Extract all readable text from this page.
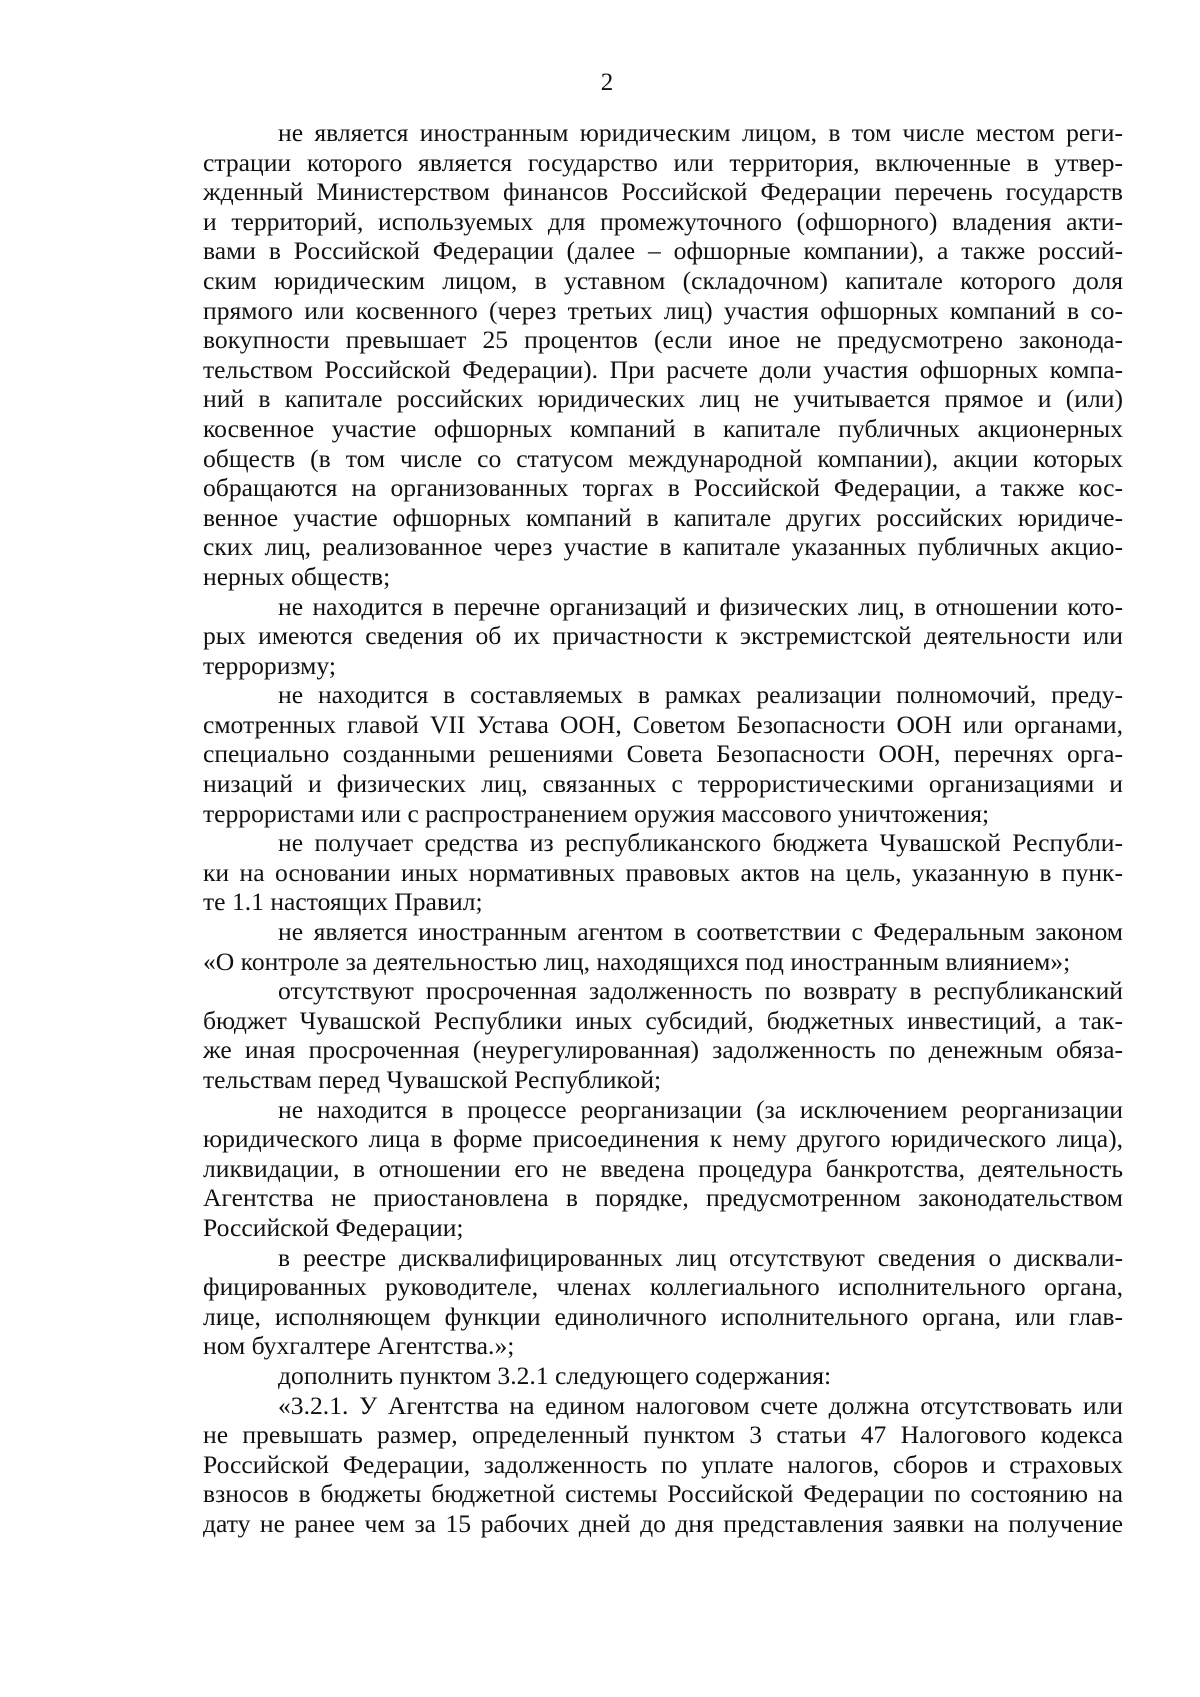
2
не является иностранным юридическим лицом, в том числе местом реги-
страции которого является государство или территория, включенные в утвер-
жденный Министерством финансов Российской Федерации перечень государств
и территорий, используемых для промежуточного (офшорного) владения акти-
вами в Российской Федерации (далее – офшорные компании), а также россий-
ским юридическим лицом, в уставном (складочном) капитале которого доля
прямого или косвенного (через третьих лиц) участия офшорных компаний в со-
вокупности превышает 25 процентов (если иное не предусмотрено законода-
тельством Российской Федерации). При расчете доли участия офшорных компа-
ний в капитале российских юридических лиц не учитывается прямое и (или)
косвенное участие офшорных компаний в капитале публичных акционерных
обществ (в том числе со статусом международной компании), акции которых
обращаются на организованных торгах в Российской Федерации, а также кос-
венное участие офшорных компаний в капитале других российских юридиче-
ских лиц, реализованное через участие в капитале указанных публичных акцио-
нерных обществ;
не находится в перечне организаций и физических лиц, в отношении кото-
рых имеются сведения об их причастности к экстремистской деятельности или
терроризму;
не находится в составляемых в рамках реализации полномочий, преду-
смотренных главой VII Устава ООН, Советом Безопасности ООН или органами,
специально созданными решениями Совета Безопасности ООН, перечнях орга-
низаций и физических лиц, связанных с террористическими организациями и
террористами или с распространением оружия массового уничтожения;
не получает средства из республиканского бюджета Чувашской Республи-
ки на основании иных нормативных правовых актов на цель, указанную в пунк-
те 1.1 настоящих Правил;
не является иностранным агентом в соответствии с Федеральным законом
«О контроле за деятельностью лиц, находящихся под иностранным влиянием»;
отсутствуют просроченная задолженность по возврату в республиканский
бюджет Чувашской Республики иных субсидий, бюджетных инвестиций, а так-
же иная просроченная (неурегулированная) задолженность по денежным обяза-
тельствам перед Чувашской Республикой;
не находится в процессе реорганизации (за исключением реорганизации
юридического лица в форме присоединения к нему другого юридического лица),
ликвидации, в отношении его не введена процедура банкротства, деятельность
Агентства не приостановлена в порядке, предусмотренном законодательством
Российской Федерации;
в реестре дисквалифицированных лиц отсутствуют сведения о дисквали-
фицированных руководителе, членах коллегиального исполнительного органа,
лице, исполняющем функции единоличного исполнительного органа, или глав-
ном бухгалтере Агентства.»;
дополнить пунктом 3.2.1 следующего содержания:
«3.2.1. У Агентства на едином налоговом счете должна отсутствовать или
не превышать размер, определенный пунктом 3 статьи 47 Налогового кодекса
Российской Федерации, задолженность по уплате налогов, сборов и страховых
взносов в бюджеты бюджетной системы Российской Федерации по состоянию на
дату не ранее чем за 15 рабочих дней до дня представления заявки на получение
